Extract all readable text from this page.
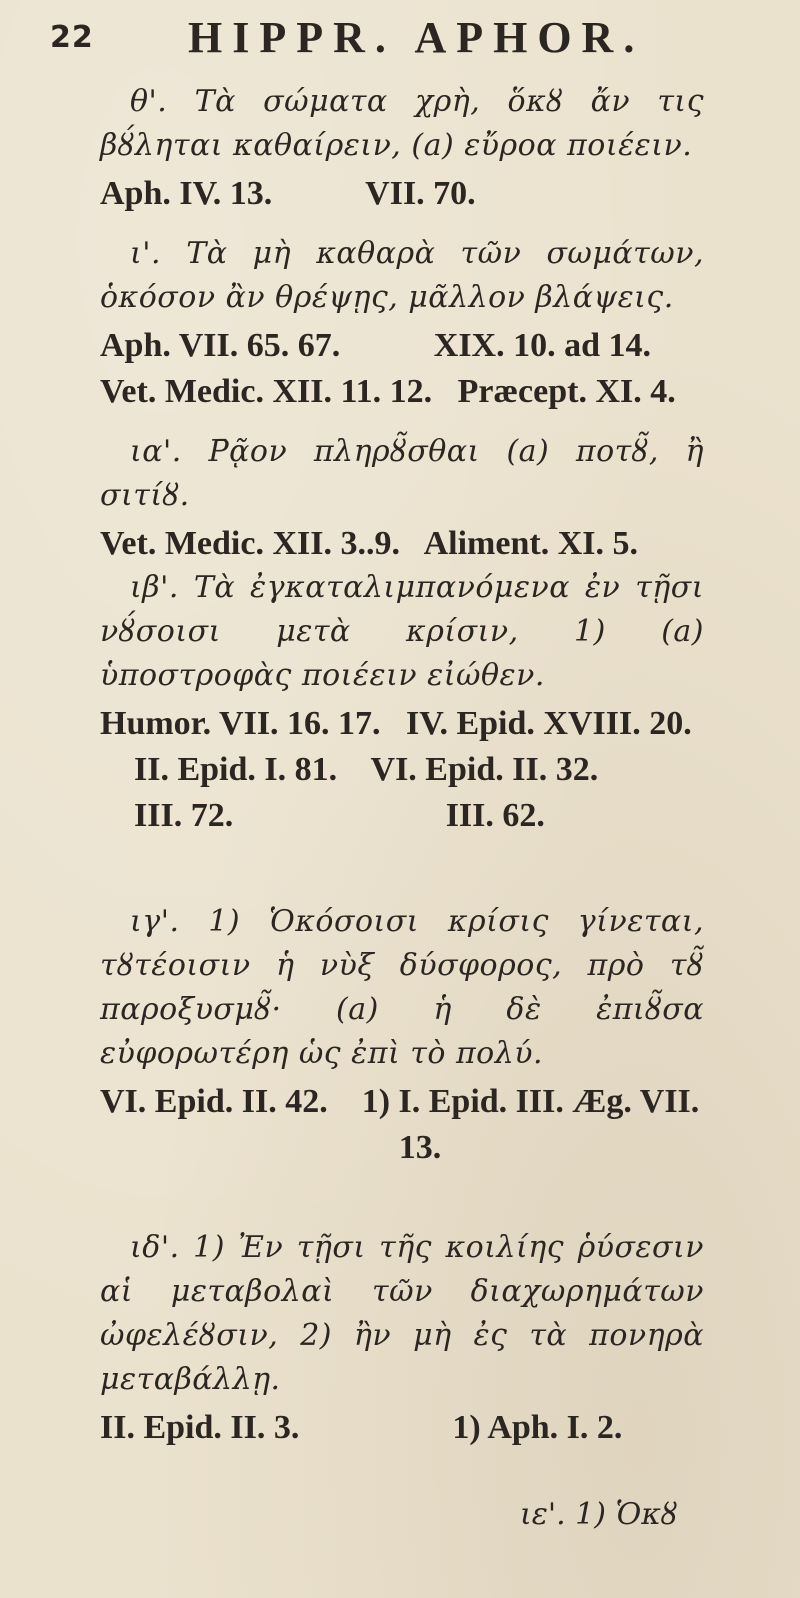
22 HIPPR. APHOR.
θ'. Τὰ σώματα χρὴ, ὅκȣ ἄν τις βȣ́ληται καθαίρειν, (a) εὔροα ποιέειν.
Aph. IV. 13.           VII. 70.
ι'. Τὰ μὴ καθαρὰ τῶν σωμάτων, ὁκόσον ἂν θρέψῃς, μᾶλλον βλάψεις.
Aph. VII. 65. 67.           XIX. 10. ad 14.
Vet. Medic. XII. 11. 12.   Præcept. XI. 4.
ια'. Ρ̄ᾷον πληρȣ̃σθαι (a) ποτȣ̃, ἢ σιτίȣ.
Vet. Medic. XII. 3..9.   Aliment. XI. 5.
ιβ'. Τὰ ἐγκαταλιμπανόμενα ἐν τῇσι νȣ́σοισι μετὰ κρίσιν, 1) (a) ὑποστροφὰς ποιέειν εἰώθεν.
Humor. VII. 16. 17.   IV. Epid. XVIII. 20.
II. Epid. I. 81.    VI. Epid. II. 32.
III. 72.                         III. 62.
ιγ'. 1) Ὁκόσοισι κρίσις γίνεται, τȣτέοισιν ἡ νὺξ δύσφορος, πρὸ τȣ̃ παροξυσμȣ̃· (a) ἡ δὲ ἐπιȣ̃σα εὐφορωτέρη ὡς ἐπὶ τὸ πολύ.
VI. Epid. II. 42.    1) I. Epid. III. Æg. VII.
13.
ιδ'. 1) Ἐν τῇσι τῆς κοιλίης ῥύσεσιν αἱ μεταβολαὶ τῶν διαχωρημάτων ὠφελέȣσιν, 2) ἢν μὴ ἐς τὰ πονηρὰ μεταβάλλῃ.
II. Epid. II. 3.                  1) Aph. I. 2.
ιε'. 1) Ὁκȣ
